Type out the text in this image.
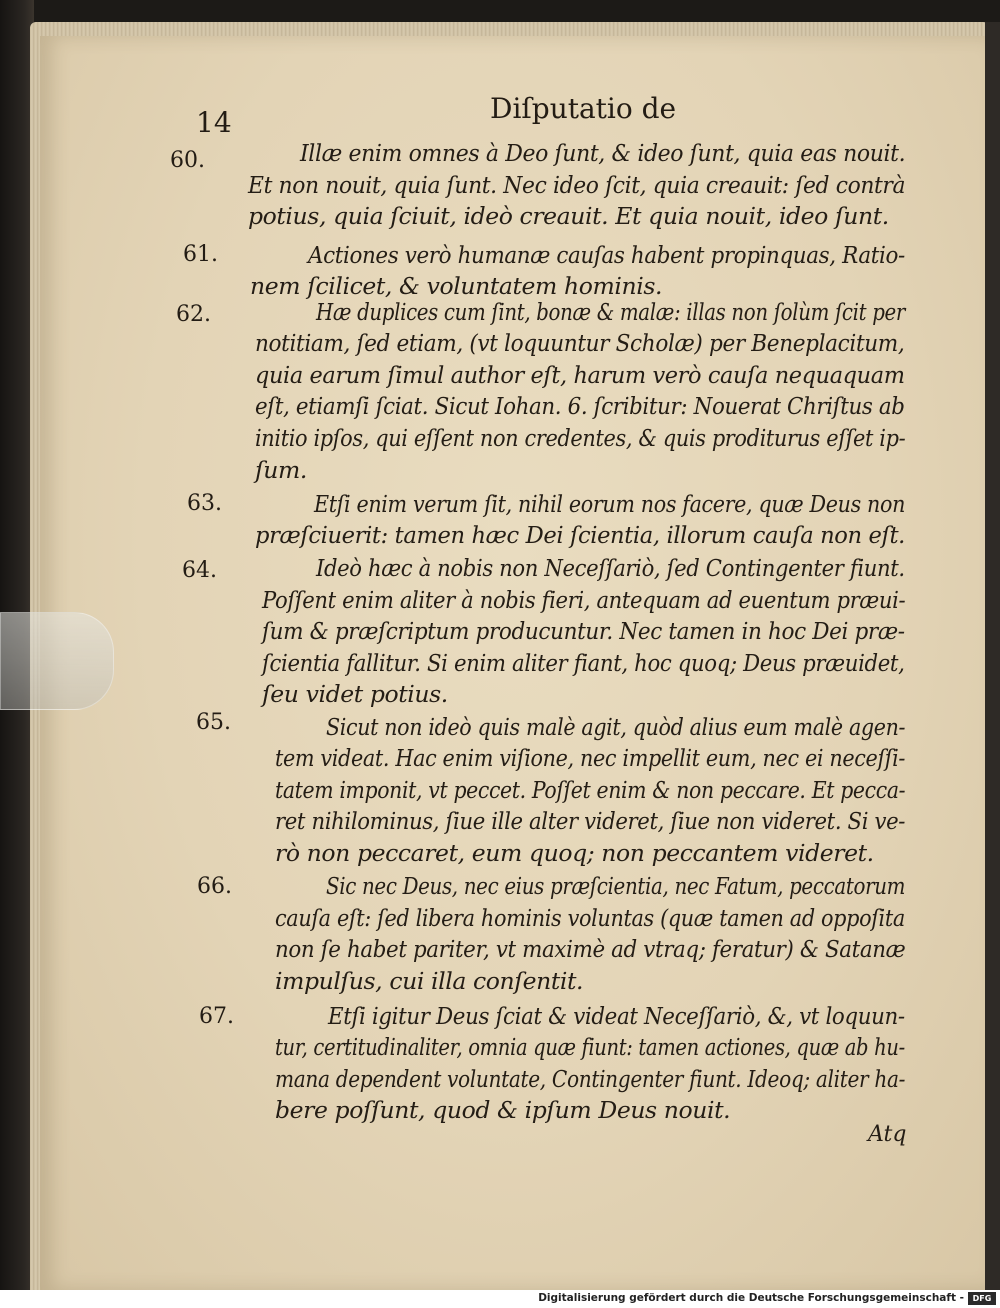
14	Diſputatio de
60.	Illæ enim omnes à Deo ſunt, & ideo ſunt, quia eas nouit.
Et non nouit, quia ſunt. Nec ideo ſcit, quia creauit: ſed contrà
potius, quia ſciuit, ideò creauit. Et quia nouit, ideo ſunt.
61.	Actiones verò humanæ cauſas habent propinquas, Ratio-
nem ſcilicet, & voluntatem hominis.
62.	Hæ duplices cum ſint, bonæ & malæ: illas non ſolùm ſcit per
notitiam, ſed etiam, (vt loquuntur Scholæ) per Beneplacitum,
quia earum ſimul author eſt, harum verò cauſa nequaquam
eſt, etiamſi ſciat. Sicut Iohan. 6. ſcribitur: Nouerat Chriſtus ab
initio ipſos, qui eſſent non credentes, & quis proditurus eſſet ip-
ſum.
63.	Etſi enim verum ſit, nihil eorum nos facere, quæ Deus non
præſciuerit: tamen hæc Dei ſcientia, illorum cauſa non eſt.
64.	Ideò hæc à nobis non Neceſſariò, ſed Contingenter fiunt.
Poſſent enim aliter à nobis fieri, antequam ad euentum præui-
ſum & præſcriptum producuntur. Nec tamen in hoc Dei præ-
ſcientia fallitur. Si enim aliter fiant, hoc quoq; Deus præuidet,
ſeu videt potius.
65.	Sicut non ideò quis malè agit, quòd alius eum malè agen-
tem videat. Hac enim viſione, nec impellit eum, nec ei neceſſi-
tatem imponit, vt peccet. Poſſet enim & non peccare. Et pecca-
ret nihilominus, ſiue ille alter videret, ſiue non videret. Si ve-
rò non peccaret, eum quoq; non peccantem videret.
66.	Sic nec Deus, nec eius præſcientia, nec Fatum, peccatorum
cauſa eſt: ſed libera hominis voluntas (quæ tamen ad oppoſita
non ſe habet pariter, vt maximè ad vtraq; feratur) & Satanæ
impulſus, cui illa conſentit.
67.	Etſi igitur Deus ſciat & videat Neceſſariò, &, vt loquun-
tur, certitudinaliter, omnia quæ fiunt: tamen actiones, quæ ab hu-
mana dependent voluntate, Contingenter fiunt. Ideoq; aliter ha-
bere poſſunt, quod & ipſum Deus nouit.
Atq
Digitalisierung gefördert durch die Deutsche Forschungsgemeinschaft -	DFG
